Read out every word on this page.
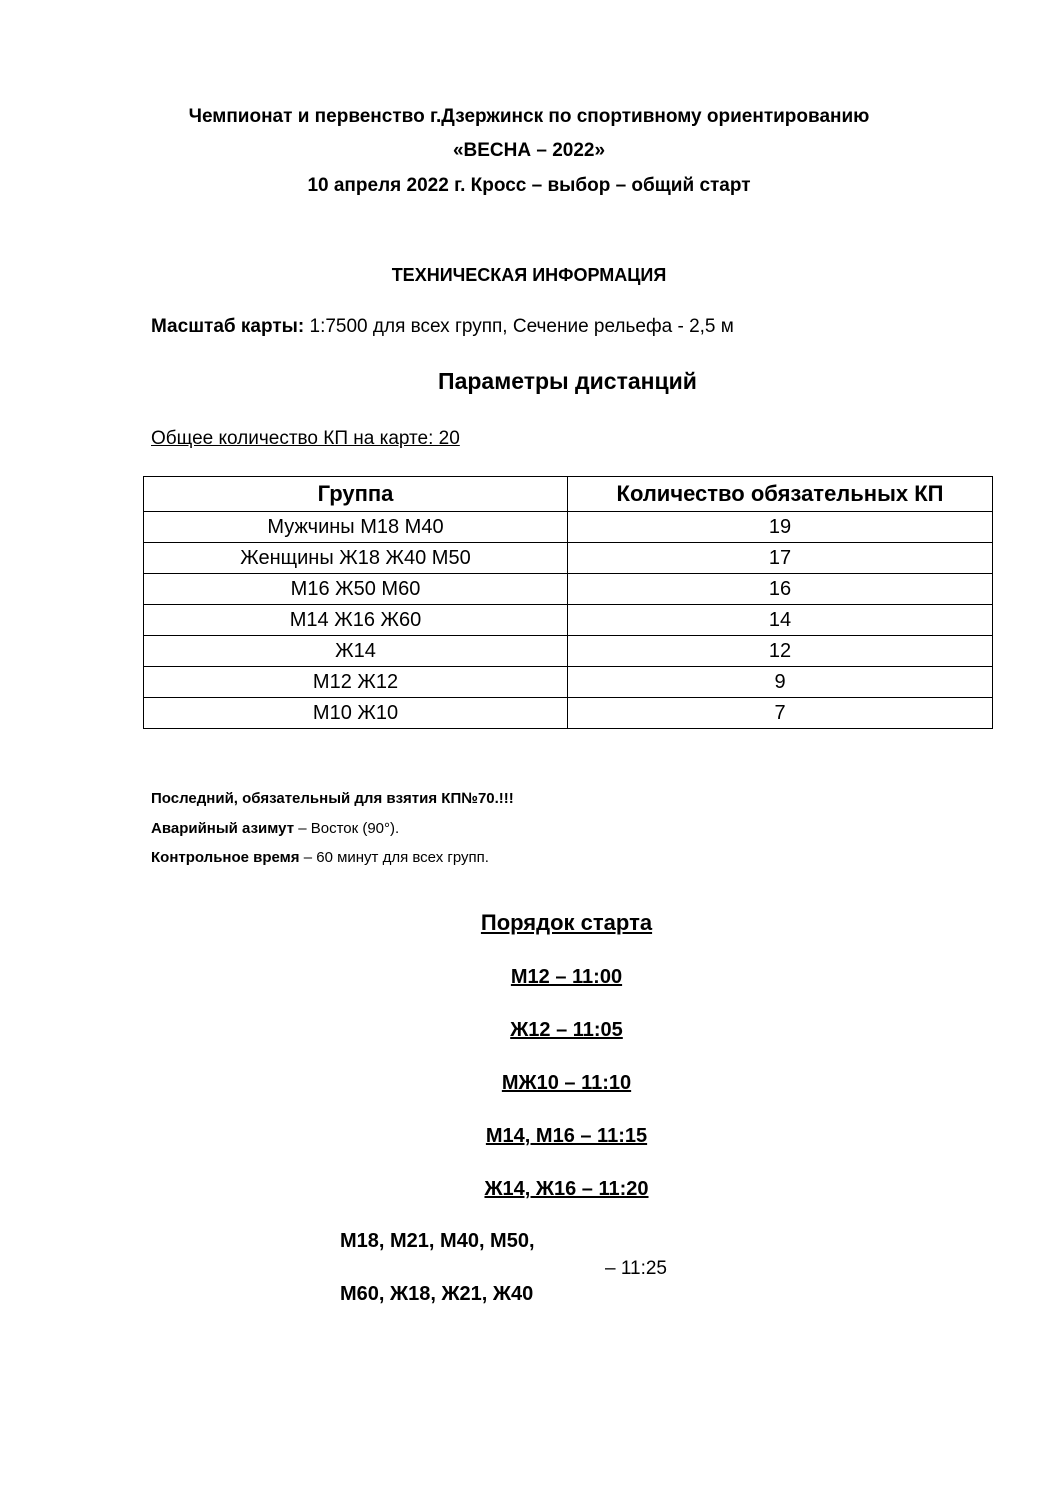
Чемпионат и первенство г.Дзержинск по спортивному ориентированию
«ВЕСНА – 2022»
10 апреля 2022 г. Кросс – выбор – общий старт
ТЕХНИЧЕСКАЯ ИНФОРМАЦИЯ
Масштаб карты: 1:7500 для всех групп, Сечение рельефа - 2,5 м
Параметры дистанций
Общее количество КП на карте: 20
Группа	Количество обязательных КП
Мужчины М18 М40	19
Женщины Ж18 Ж40 М50	17
М16 Ж50 М60	16
М14 Ж16 Ж60	14
Ж14	12
М12 Ж12	9
М10 Ж10	7
Последний, обязательный для взятия КП№70.!!!
Аварийный азимут – Восток (90°).
Контрольное время – 60 минут для всех групп.
Порядок старта
М12 – 11:00
Ж12 – 11:05
МЖ10 – 11:10
М14, М16 – 11:15
Ж14, Ж16 – 11:20
М18, М21, М40, М50,
– 11:25
М60, Ж18, Ж21, Ж40
